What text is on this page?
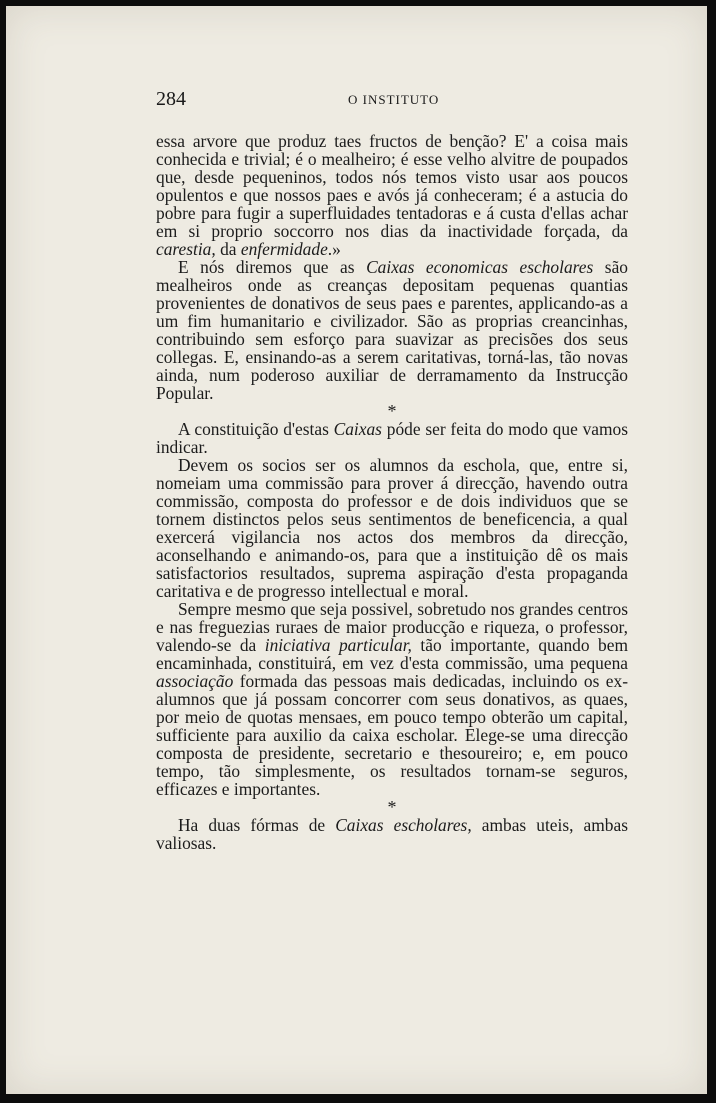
284	O INSTITUTO

essa arvore que produz taes fructos de benção? E' a coisa mais conhecida e trivial; é o mealheiro; é esse velho alvitre de poupados que, desde pequeninos, todos nós temos visto usar aos poucos opulentos e que nossos paes e avós já conheceram; é a astucia do pobre para fugir a superfluidades tentadoras e á custa d'ellas achar em si proprio soccorro nos dias da inactividade forçada, da carestia, da enfermidade.»

E nós diremos que as Caixas economicas escholares são mealheiros onde as creanças depositam pequenas quantias provenientes de donativos de seus paes e parentes, applicando-as a um fim humanitario e civilizador. São as proprias creancinhas, contribuindo sem esforço para suavizar as precisões dos seus collegas. E, ensinando-as a serem caritativas, torná-las, tão novas ainda, num poderoso auxiliar de derramamento da Instrucção Popular.

*

A constituição d'estas Caixas póde ser feita do modo que vamos indicar.

Devem os socios ser os alumnos da eschola, que, entre si, nomeiam uma commissão para prover á direcção, havendo outra commissão, composta do professor e de dois individuos que se tornem distinctos pelos seus sentimentos de beneficencia, a qual exercerá vigilancia nos actos dos membros da direcção, aconselhando e animando-os, para que a instituição dê os mais satisfactorios resultados, suprema aspiração d'esta propaganda caritativa e de progresso intellectual e moral.

Sempre mesmo que seja possivel, sobretudo nos grandes centros e nas freguezias ruraes de maior producção e riqueza, o professor, valendo-se da iniciativa particular, tão importante, quando bem encaminhada, constituirá, em vez d'esta commissão, uma pequena associação formada das pessoas mais dedicadas, incluindo os ex-alumnos que já possam concorrer com seus donativos, as quaes, por meio de quotas mensaes, em pouco tempo obterão um capital, sufficiente para auxilio da caixa escholar. Elege-se uma direcção composta de presidente, secretario e thesoureiro; e, em pouco tempo, tão simplesmente, os resultados tornam-se seguros, efficazes e importantes.

*

Ha duas fórmas de Caixas escholares, ambas uteis, ambas valiosas.
